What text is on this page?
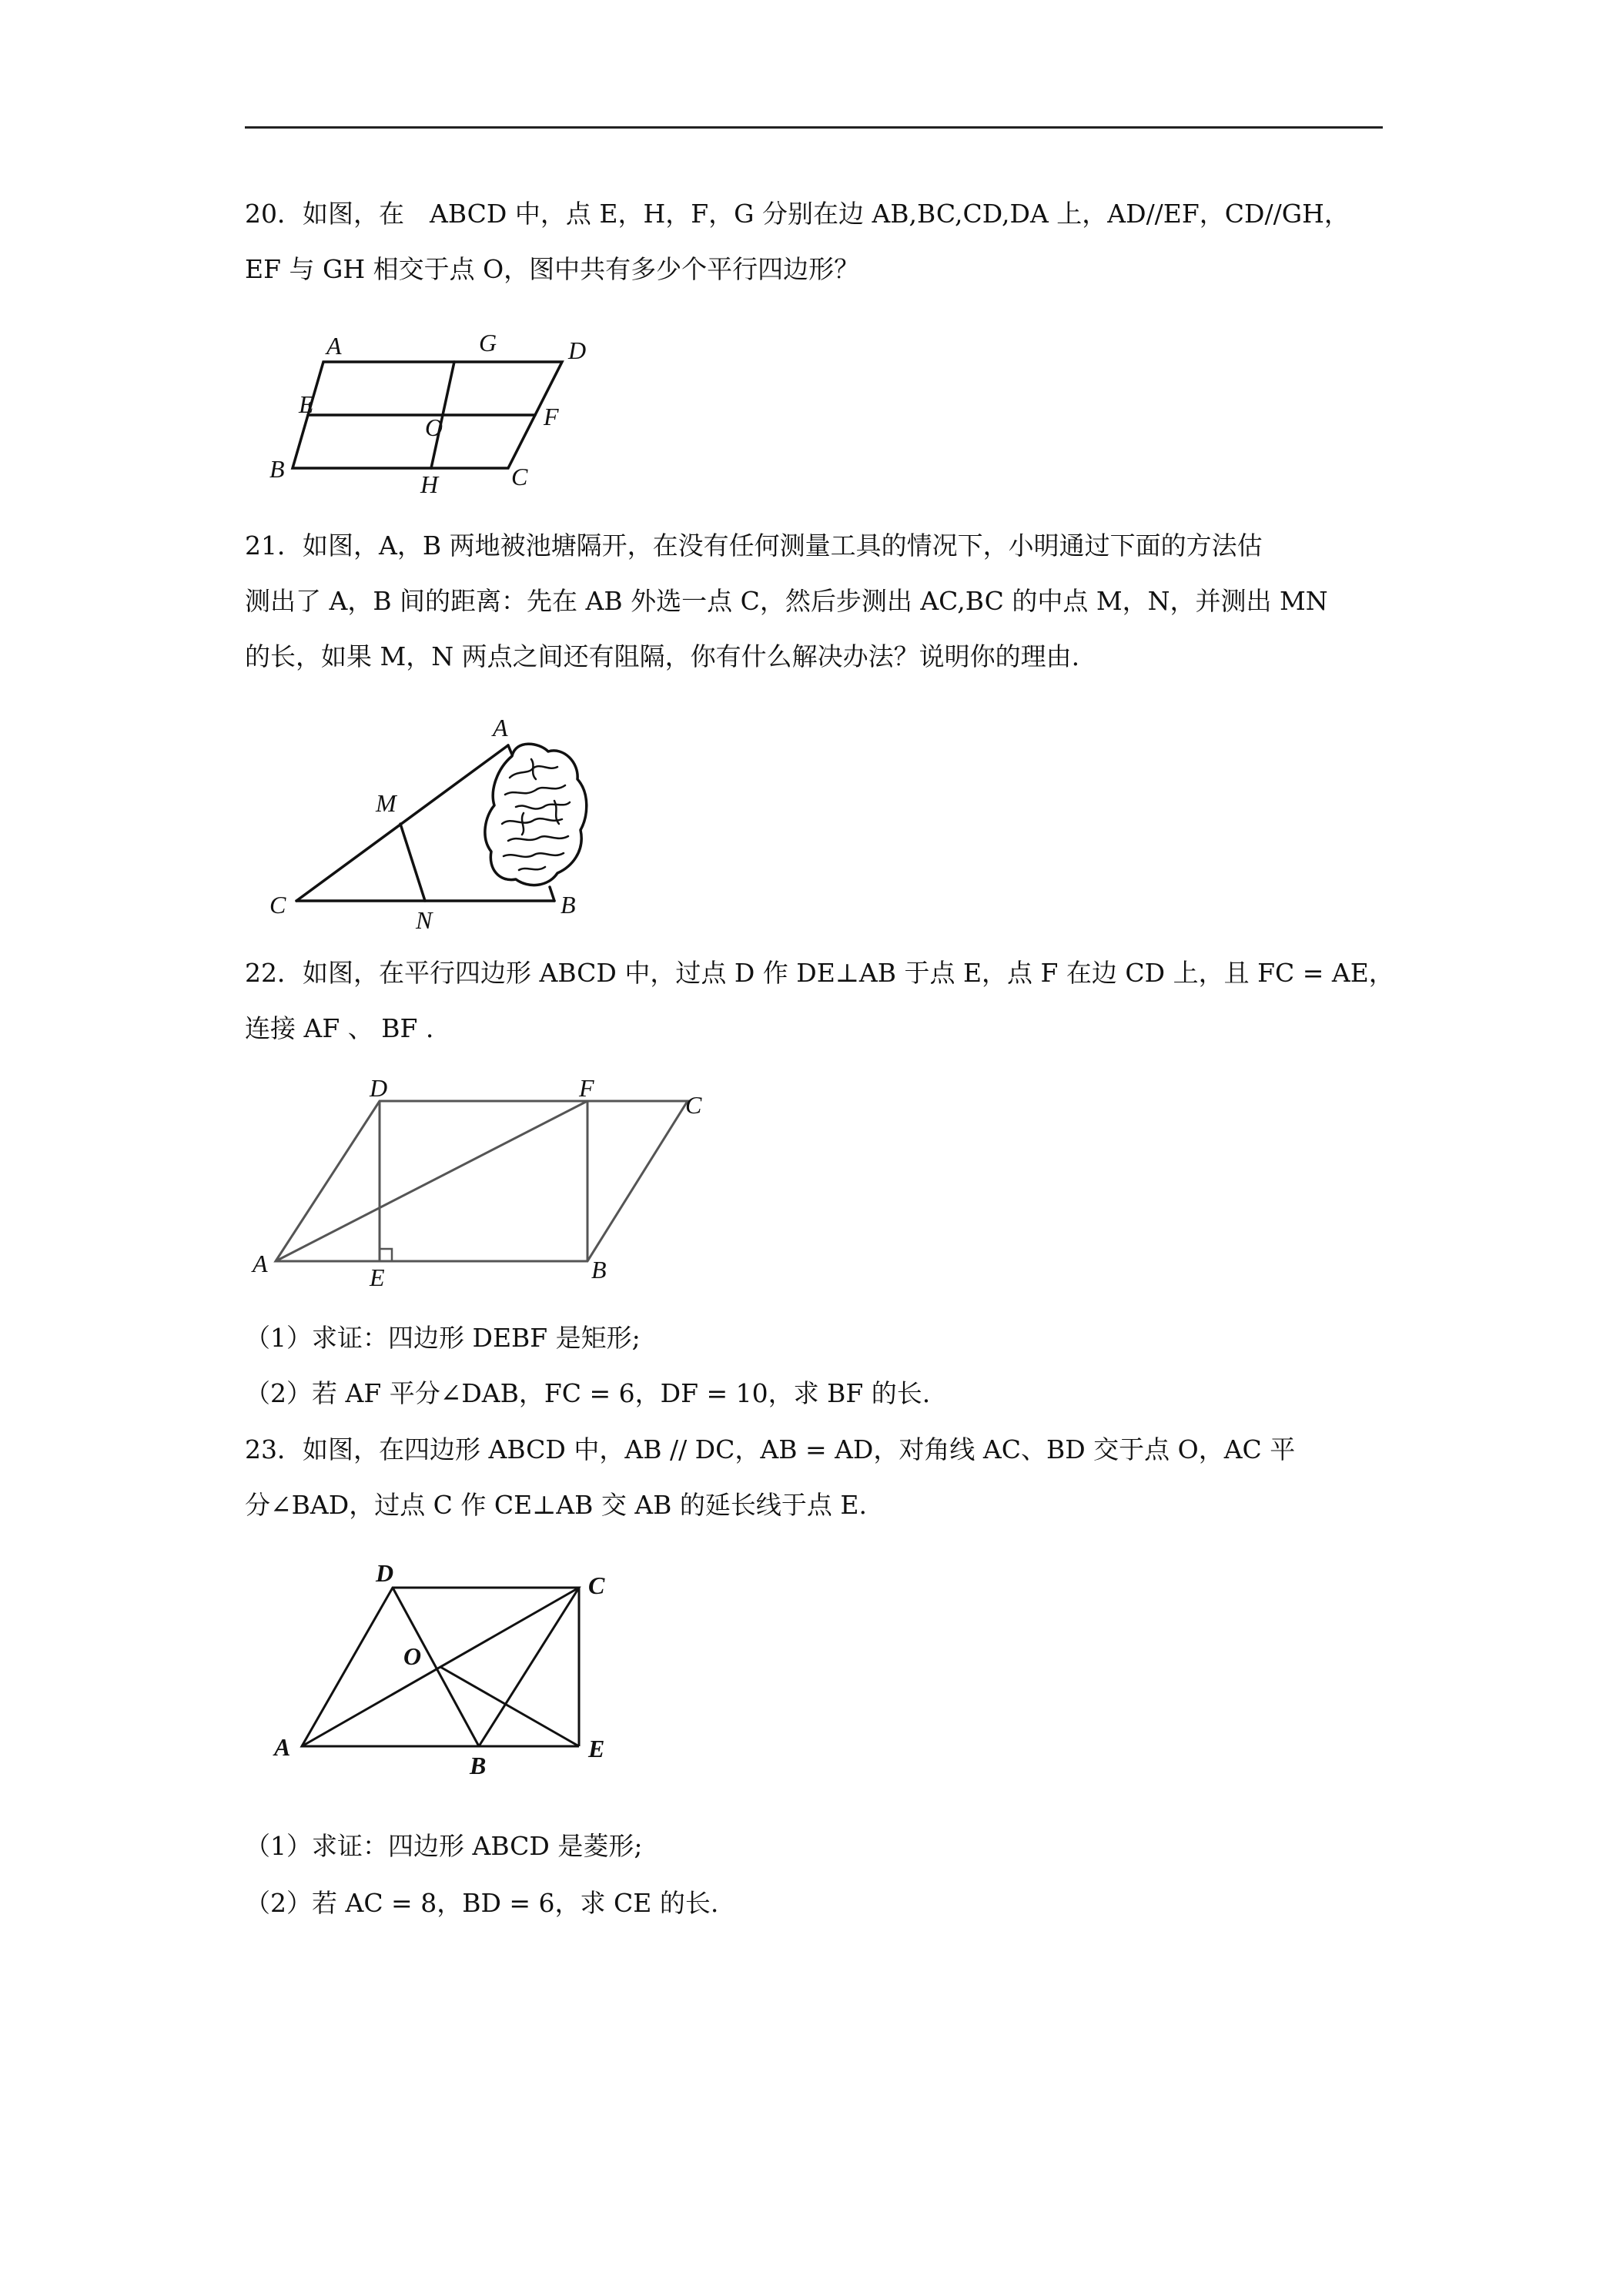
20．如图，在　ABCD 中，点 E，H，F，G 分别在边 AB,BC,CD,DA 上，AD//EF，CD//GH，
EF 与 GH 相交于点 O，图中共有多少个平行四边形？
A	G	D
E
O	F
B
H	C
21．如图，A，B 两地被池塘隔开，在没有任何测量工具的情况下，小明通过下面的方法估
测出了 A，B 间的距离：先在 AB 外选一点 C，然后步测出 AC,BC 的中点 M，N，并测出 MN
的长，如果 M，N 两点之间还有阻隔，你有什么解决办法？说明你的理由.
A
M
C
N
B
22．如图，在平行四边形 ABCD 中，过点 D 作 DE⊥AB 于点 E，点 F 在边 CD 上，且 FC = AE，
连接 AF 、 BF .
D	F
C
A	E	B
（1）求证：四边形 DEBF 是矩形;
（2）若 AF 平分∠DAB，FC = 6，DF = 10，求 BF 的长.
23．如图，在四边形 ABCD 中，AB // DC，AB = AD，对角线 AC、BD 交于点 O，AC 平
分∠BAD，过点 C 作 CE⊥AB 交 AB 的延长线于点 E.
D	C
O
A
B
E
（1）求证：四边形 ABCD 是菱形;
（2）若 AC = 8，BD = 6，求 CE 的长.
